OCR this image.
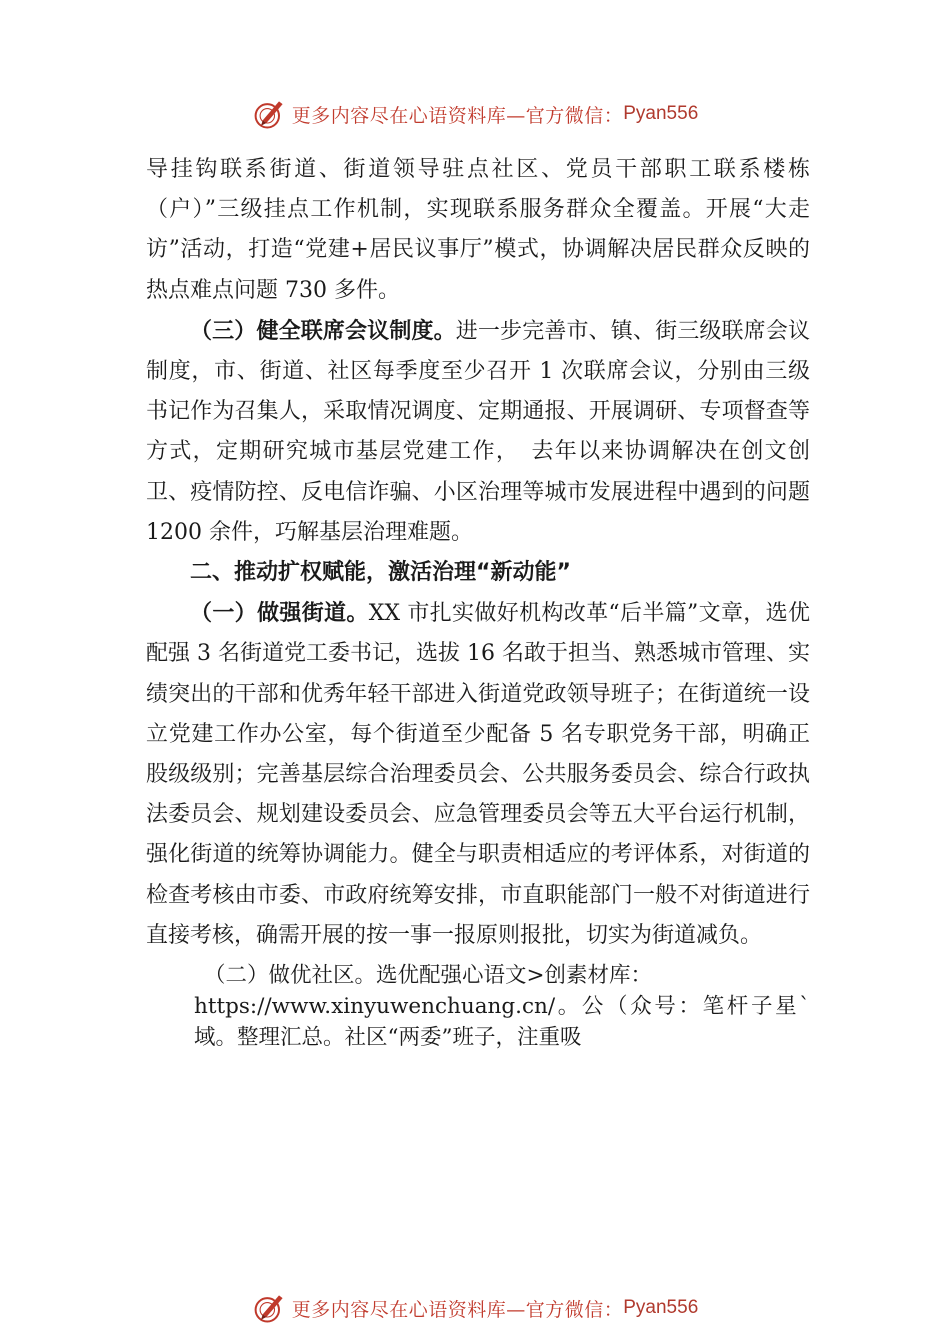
更多内容尽在心语资料库—官方微信： Pyan556

导挂钩联系街道、街道领导驻点社区、党员干部职工联系楼栋（户）”三级挂点工作机制，实现联系服务群众全覆盖。开展“大走访”活动，打造“党建+居民议事厅”模式，协调解决居民群众反映的热点难点问题 730 多件。

（三）健全联席会议制度。进一步完善市、镇、街三级联席会议制度，市、街道、社区每季度至少召开 1 次联席会议，分别由三级书记作为召集人，采取情况调度、定期通报、开展调研、专项督查等方式，定期研究城市基层党建工作，　去年以来协调解决在创文创卫、疫情防控、反电信诈骗、小区治理等城市发展进程中遇到的问题 1200 余件，巧解基层治理难题。

二、推动扩权赋能，激活治理“新动能”

（一）做强街道。XX 市扎实做好机构改革“后半篇”文章，选优配强 3 名街道党工委书记，选拔 16 名敢于担当、熟悉城市管理、实绩突出的干部和优秀年轻干部进入街道党政领导班子；在街道统一设立党建工作办公室，每个街道至少配备 5 名专职党务干部，明确正股级级别；完善基层综合治理委员会、公共服务委员会、综合行政执法委员会、规划建设委员会、应急管理委员会等五大平台运行机制，强化街道的统筹协调能力。健全与职责相适应的考评体系，对街道的检查考核由市委、市政府统筹安排，市直职能部门一般不对街道进行直接考核，确需开展的按一事一报原则报批，切实为街道减负。

（二）做优社区。选优配强心语文>创素材库：

https://www.xinyuwenchuang.cn/。公（众号：笔杆子星`域。整理汇总。社区“两委”班子，注重吸

更多内容尽在心语资料库—官方微信： Pyan556
